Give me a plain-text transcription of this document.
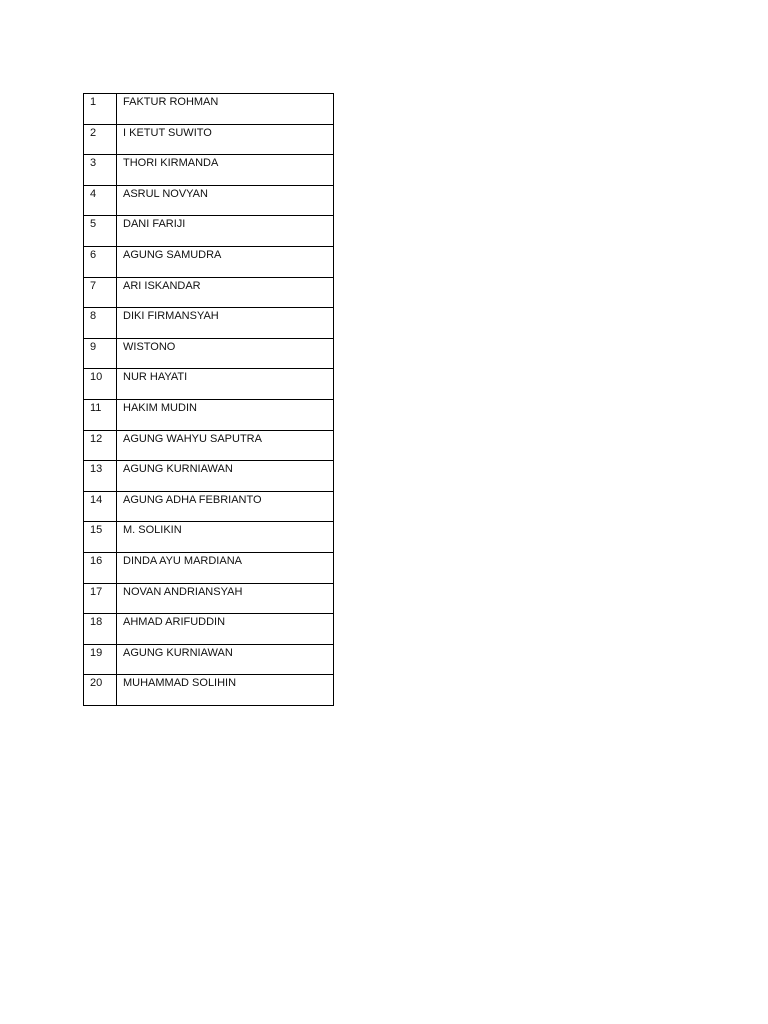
1	FAKTUR ROHMAN

2	I KETUT SUWITO

3	THORI KIRMANDA

4	ASRUL NOVYAN

5	DANI FARIJI

6	AGUNG SAMUDRA

7	ARI ISKANDAR

8	DIKI FIRMANSYAH

9	WISTONO

10	NUR HAYATI

11	HAKIM MUDIN

12	AGUNG WAHYU SAPUTRA

13	AGUNG KURNIAWAN

14	AGUNG ADHA FEBRIANTO

15	M. SOLIKIN

16	DINDA AYU MARDIANA

17	NOVAN ANDRIANSYAH

18	AHMAD ARIFUDDIN

19	AGUNG KURNIAWAN

20	MUHAMMAD SOLIHIN
